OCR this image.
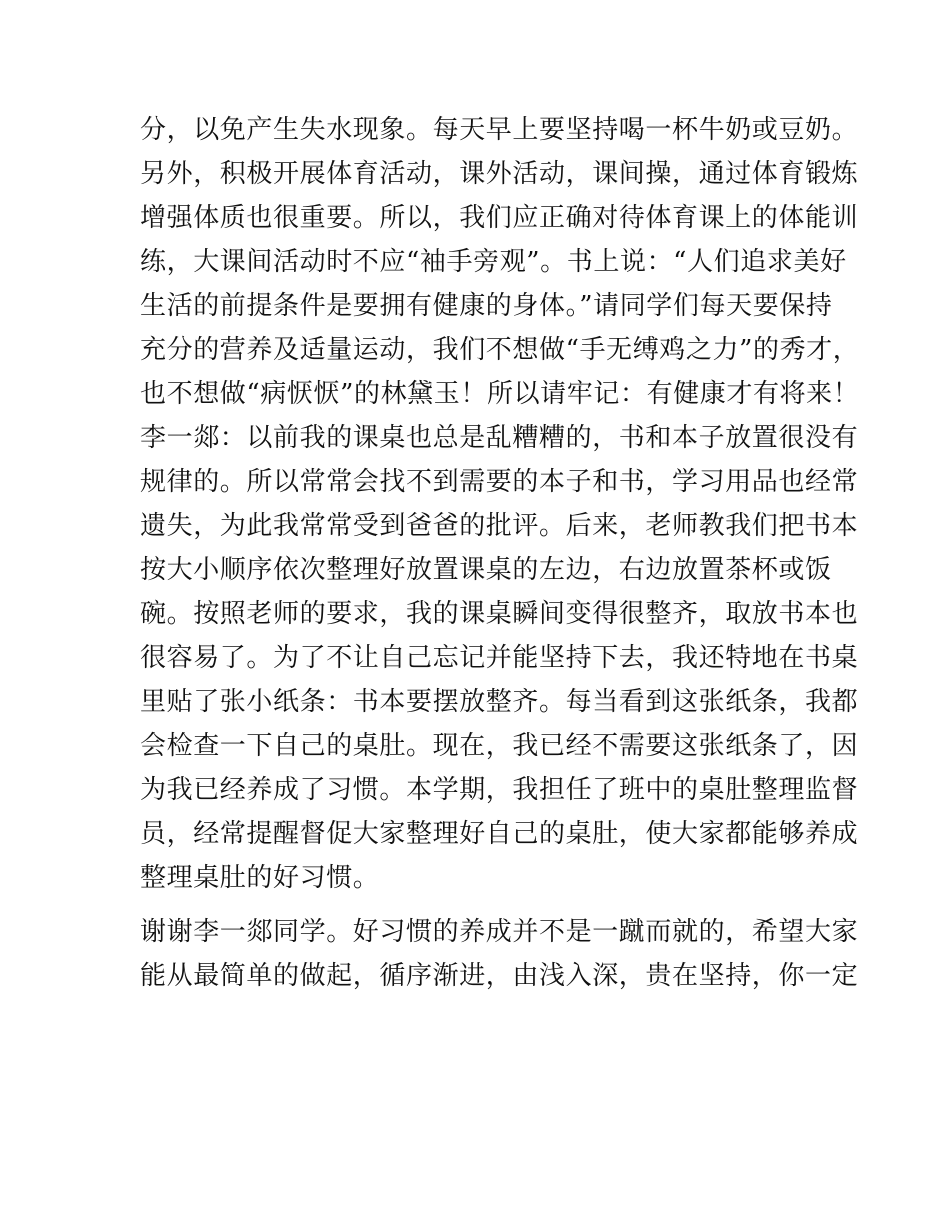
分，以免产生失水现象。每天早上要坚持喝一杯牛奶或豆奶。
另外，积极开展体育活动，课外活动，课间操，通过体育锻炼
增强体质也很重要。所以，我们应正确对待体育课上的体能训
练，大课间活动时不应“袖手旁观”。书上说：“人们追求美好
生活的前提条件是要拥有健康的身体。”请同学们每天要保持
充分的营养及适量运动，我们不想做“手无缚鸡之力”的秀才，
也不想做“病恹恹”的林黛玉！所以请牢记：有健康才有将来！
李一郯：以前我的课桌也总是乱糟糟的，书和本子放置很没有
规律的。所以常常会找不到需要的本子和书，学习用品也经常
遗失，为此我常常受到爸爸的批评。后来，老师教我们把书本
按大小顺序依次整理好放置课桌的左边，右边放置茶杯或饭
碗。按照老师的要求，我的课桌瞬间变得很整齐，取放书本也
很容易了。为了不让自己忘记并能坚持下去，我还特地在书桌
里贴了张小纸条：书本要摆放整齐。每当看到这张纸条，我都
会检查一下自己的桌肚。现在，我已经不需要这张纸条了，因
为我已经养成了习惯。本学期，我担任了班中的桌肚整理监督
员，经常提醒督促大家整理好自己的桌肚，使大家都能够养成
整理桌肚的好习惯。
谢谢李一郯同学。好习惯的养成并不是一蹴而就的，希望大家
能从最简单的做起，循序渐进，由浅入深，贵在坚持，你一定
